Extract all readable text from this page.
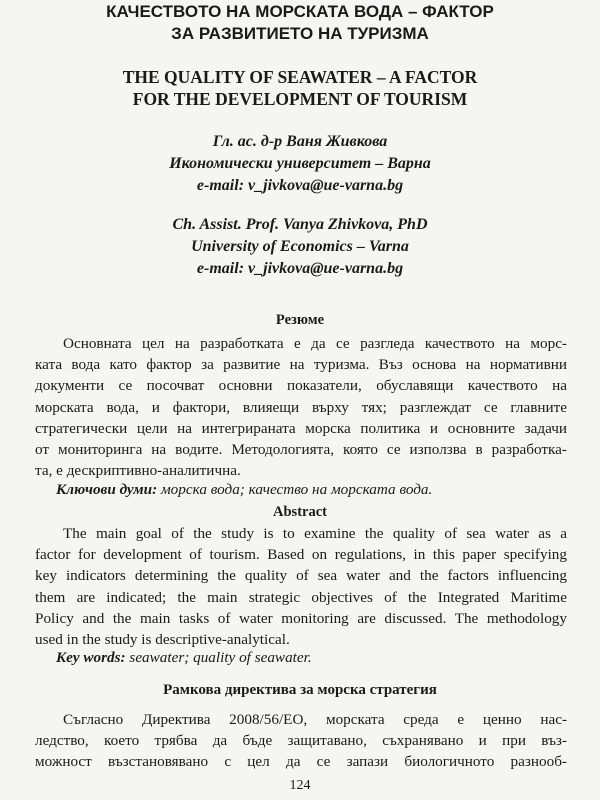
КАЧЕСТВОТО НА МОРСКАТА ВОДА – ФАКТОР
ЗА РАЗВИТИЕТО НА ТУРИЗМА
THE QUALITY OF SEAWATER – A FACTOR
FOR THE DEVELOPMENT OF TOURISM
Гл. ас. д-р Ваня Живкова
Икономически университет – Варна
e-mail: v_jivkova@ue-varna.bg
Ch. Assist. Prof. Vanya Zhivkova, PhD
University of Economics – Varna
e-mail: v_jivkova@ue-varna.bg
Резюме
Основната цел на разработката е да се разгледа качеството на морс-
ката вода като фактор за развитие на туризма. Въз основа на нормативни
документи се посочват основни показатели, обуславящи качеството на
морската вода, и фактори, влияещи върху тях; разглеждат се главните
стратегически цели на интегрираната морска политика и основните задачи
от мониторинга на водите. Методологията, която се използва в разработка-
та, е дескриптивно-аналитична.
Ключови думи: морска вода; качество на морската вода.
Abstract
The main goal of the study is to examine the quality of sea water as a
factor for development of tourism. Based on regulations, in this paper specifying
key indicators determining the quality of sea water and the factors influencing
them are indicated; the main strategic objectives of the Integrated Maritime
Policy and the main tasks of water monitoring are discussed. The methodology
used in the study is descriptive-analytical.
Key words: seawater; quality of seawater.
Рамкова директива за морска стратегия
Съгласно Директива 2008/56/ЕО, морската среда е ценно нас-
ледство, което трябва да бъде защитавано, съхранявано и при въз-
можност възстановявано с цел да се запази биологичното разнооб-
124
